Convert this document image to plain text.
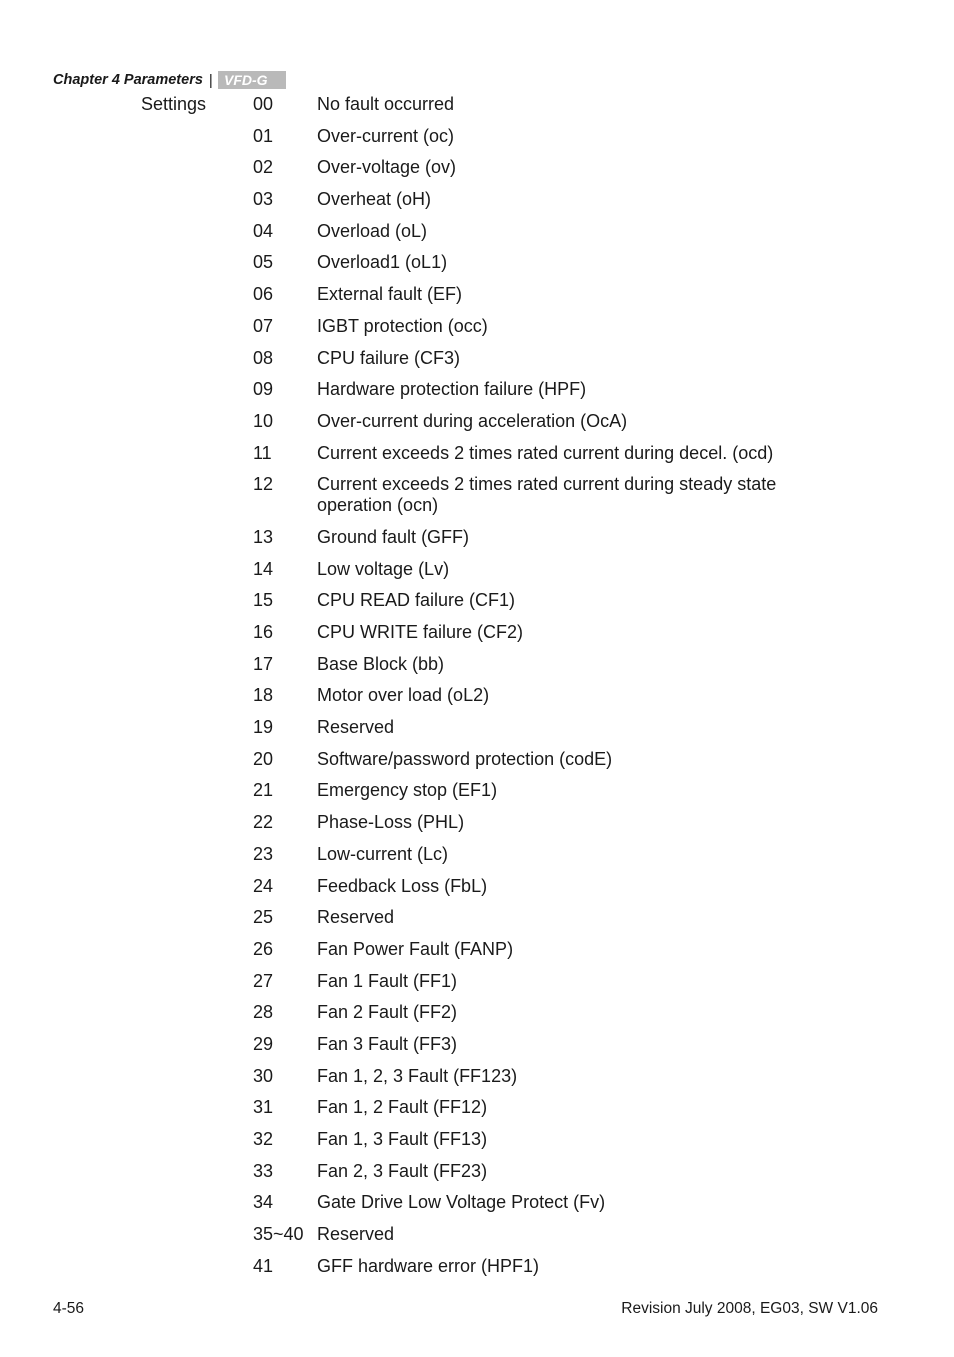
Chapter 4 Parameters | VFD-G
Settings	00	No fault occurred
01	Over-current (oc)
02	Over-voltage (ov)
03	Overheat (oH)
04	Overload (oL)
05	Overload1 (oL1)
06	External fault (EF)
07	IGBT protection (occ)
08	CPU failure (CF3)
09	Hardware protection failure (HPF)
10	Over-current during acceleration (OcA)
11	Current exceeds 2 times rated current during decel. (ocd)
12	Current exceeds 2 times rated current during steady state operation (ocn)
13	Ground fault (GFF)
14	Low voltage (Lv)
15	CPU READ failure (CF1)
16	CPU WRITE failure (CF2)
17	Base Block (bb)
18	Motor over load (oL2)
19	Reserved
20	Software/password protection (codE)
21	Emergency stop (EF1)
22	Phase-Loss (PHL)
23	Low-current (Lc)
24	Feedback Loss (FbL)
25	Reserved
26	Fan Power Fault (FANP)
27	Fan 1 Fault (FF1)
28	Fan 2 Fault (FF2)
29	Fan 3 Fault (FF3)
30	Fan 1, 2, 3 Fault (FF123)
31	Fan 1, 2 Fault (FF12)
32	Fan 1, 3 Fault (FF13)
33	Fan 2, 3 Fault (FF23)
34	Gate Drive Low Voltage Protect (Fv)
35~40 Reserved
41	GFF hardware error (HPF1)
4-56	Revision July 2008, EG03, SW V1.06
